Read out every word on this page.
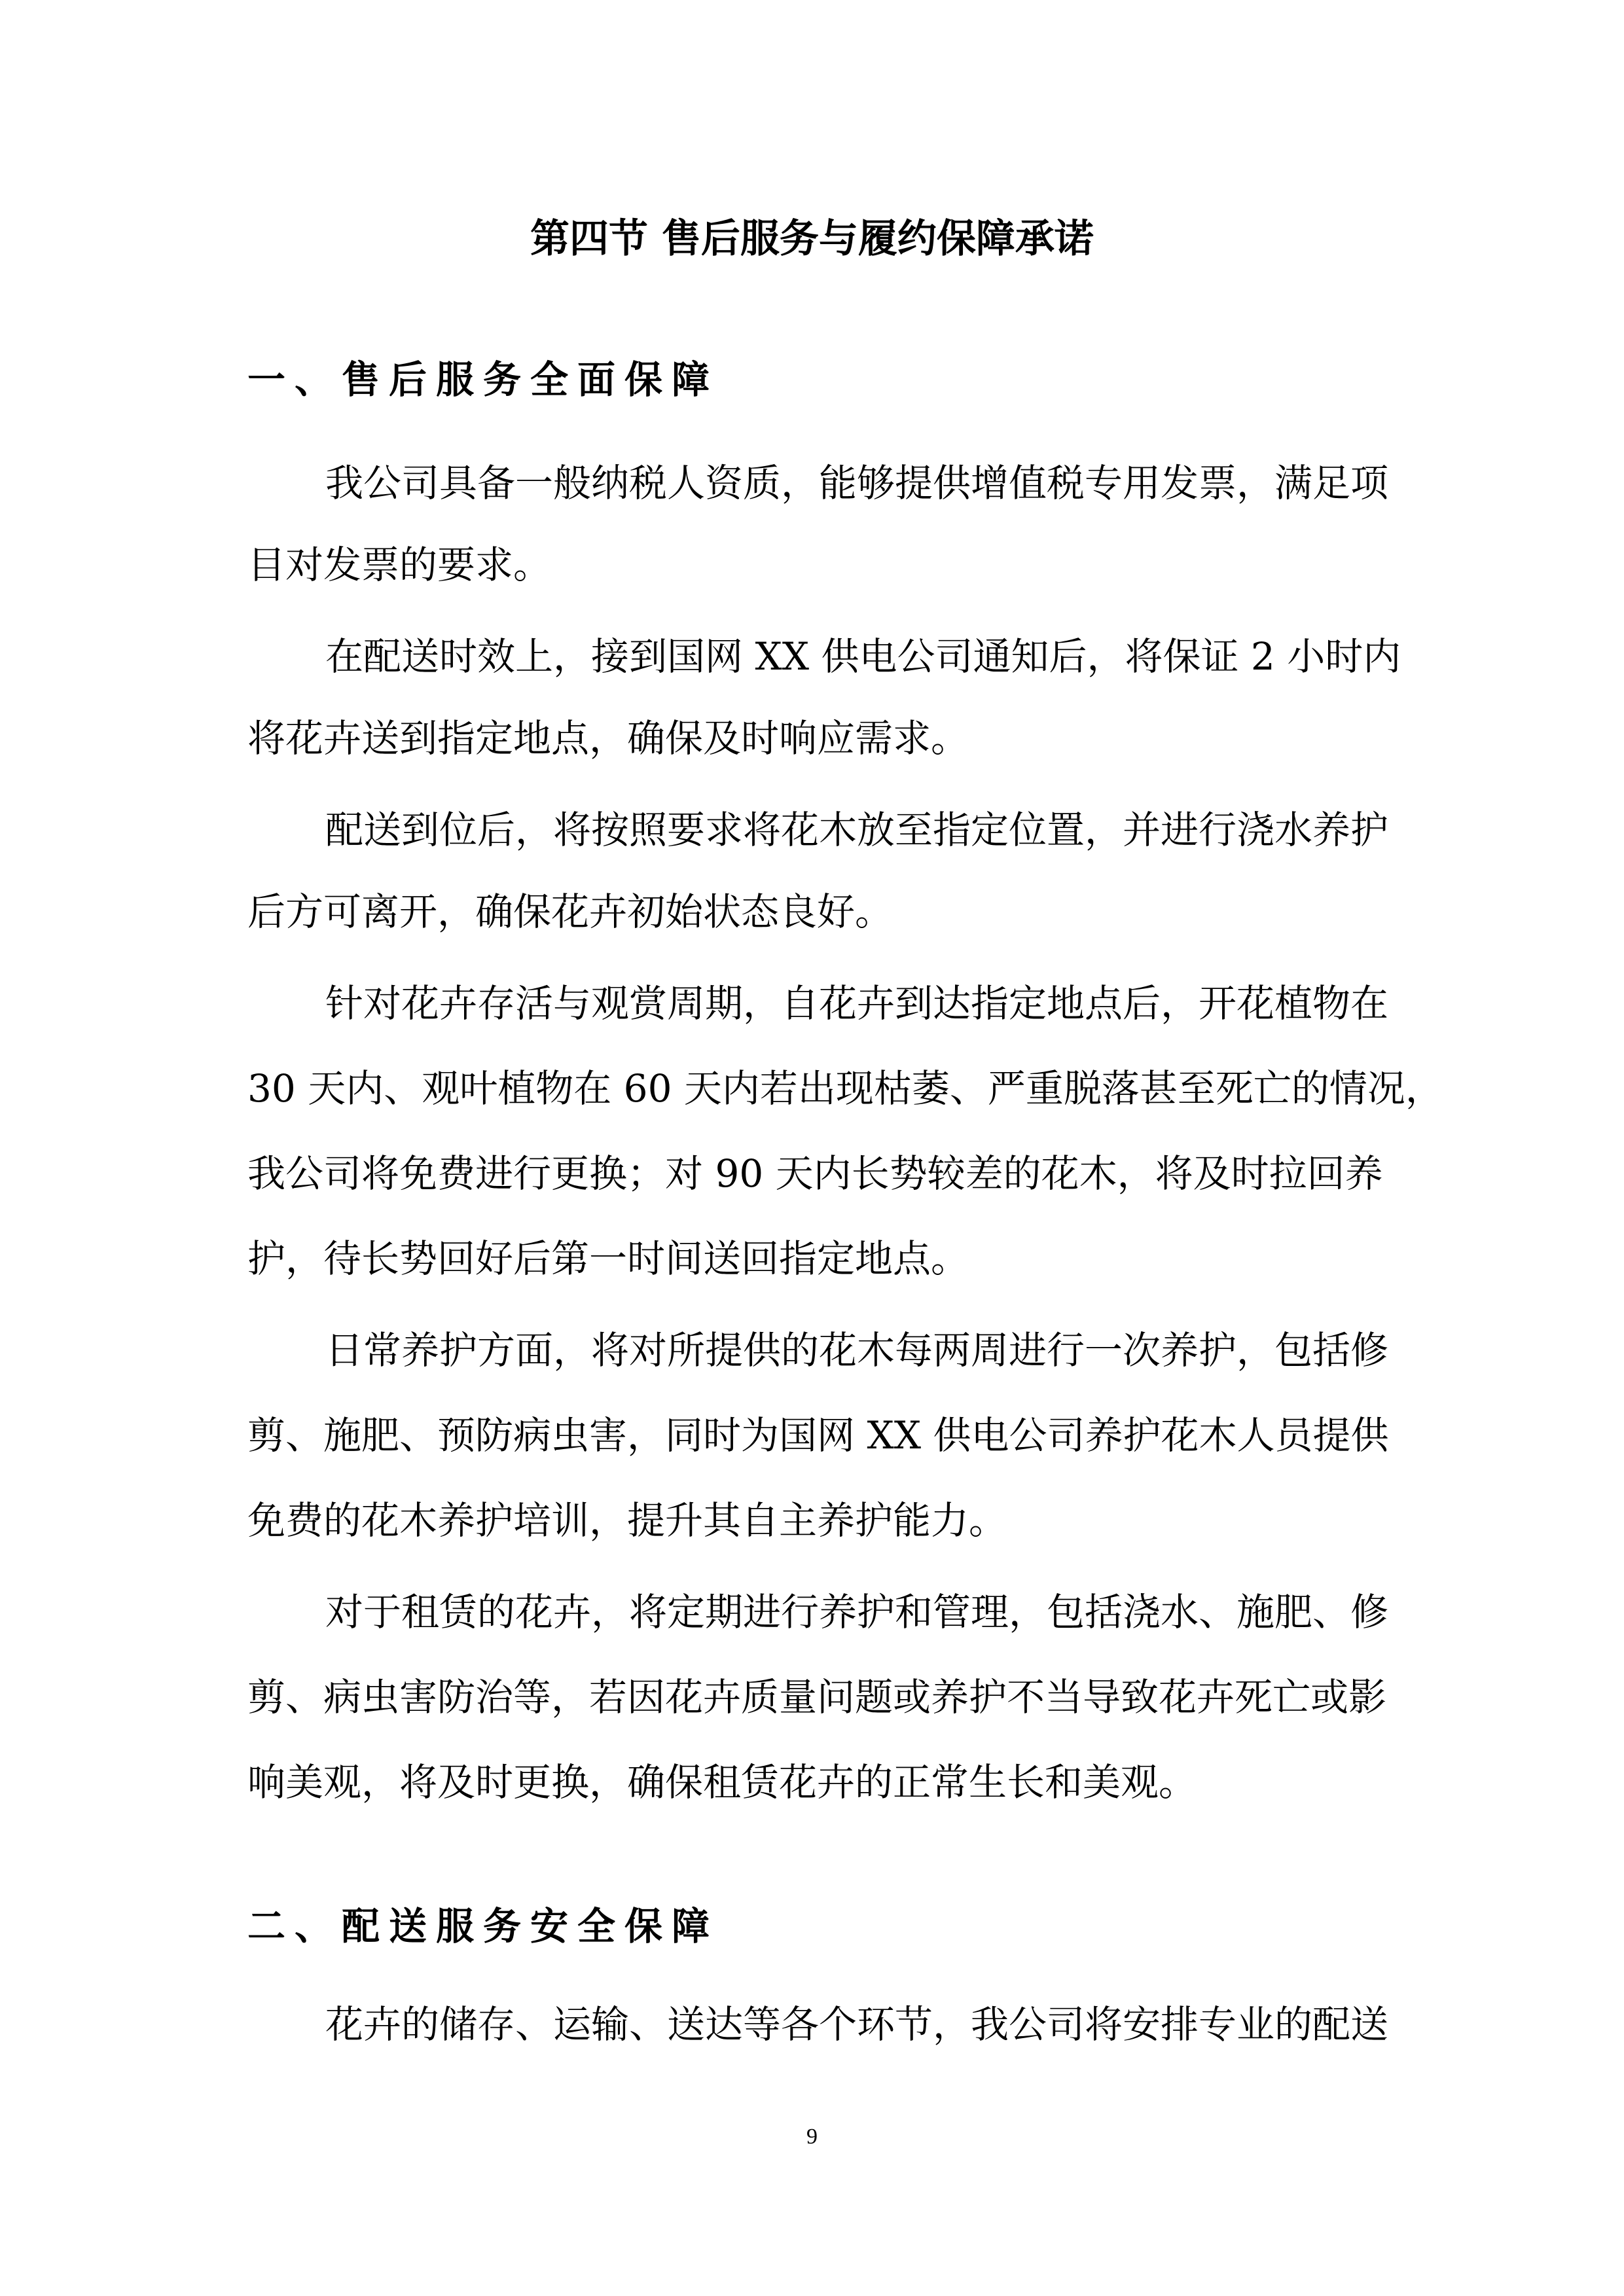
第四节 售后服务与履约保障承诺
一、售后服务全面保障

我公司具备一般纳税人资质，能够提供增值税专用发票，满足项

目对发票的要求。

在配送时效上，接到国网 XX 供电公司通知后，将保证 2 小时内

将花卉送到指定地点，确保及时响应需求。

配送到位后，将按照要求将花木放至指定位置，并进行浇水养护

后方可离开，确保花卉初始状态良好。

针对花卉存活与观赏周期，自花卉到达指定地点后，开花植物在

30 天内、观叶植物在 60 天内若出现枯萎、严重脱落甚至死亡的情况，

我公司将免费进行更换；对 90 天内长势较差的花木，将及时拉回养

护，待长势回好后第一时间送回指定地点。

日常养护方面，将对所提供的花木每两周进行一次养护，包括修

剪、施肥、预防病虫害，同时为国网 XX 供电公司养护花木人员提供

免费的花木养护培训，提升其自主养护能力。

对于租赁的花卉，将定期进行养护和管理，包括浇水、施肥、修

剪、病虫害防治等，若因花卉质量问题或养护不当导致花卉死亡或影

响美观，将及时更换，确保租赁花卉的正常生长和美观。

二、配送服务安全保障

花卉的储存、运输、送达等各个环节，我公司将安排专业的配送

9
